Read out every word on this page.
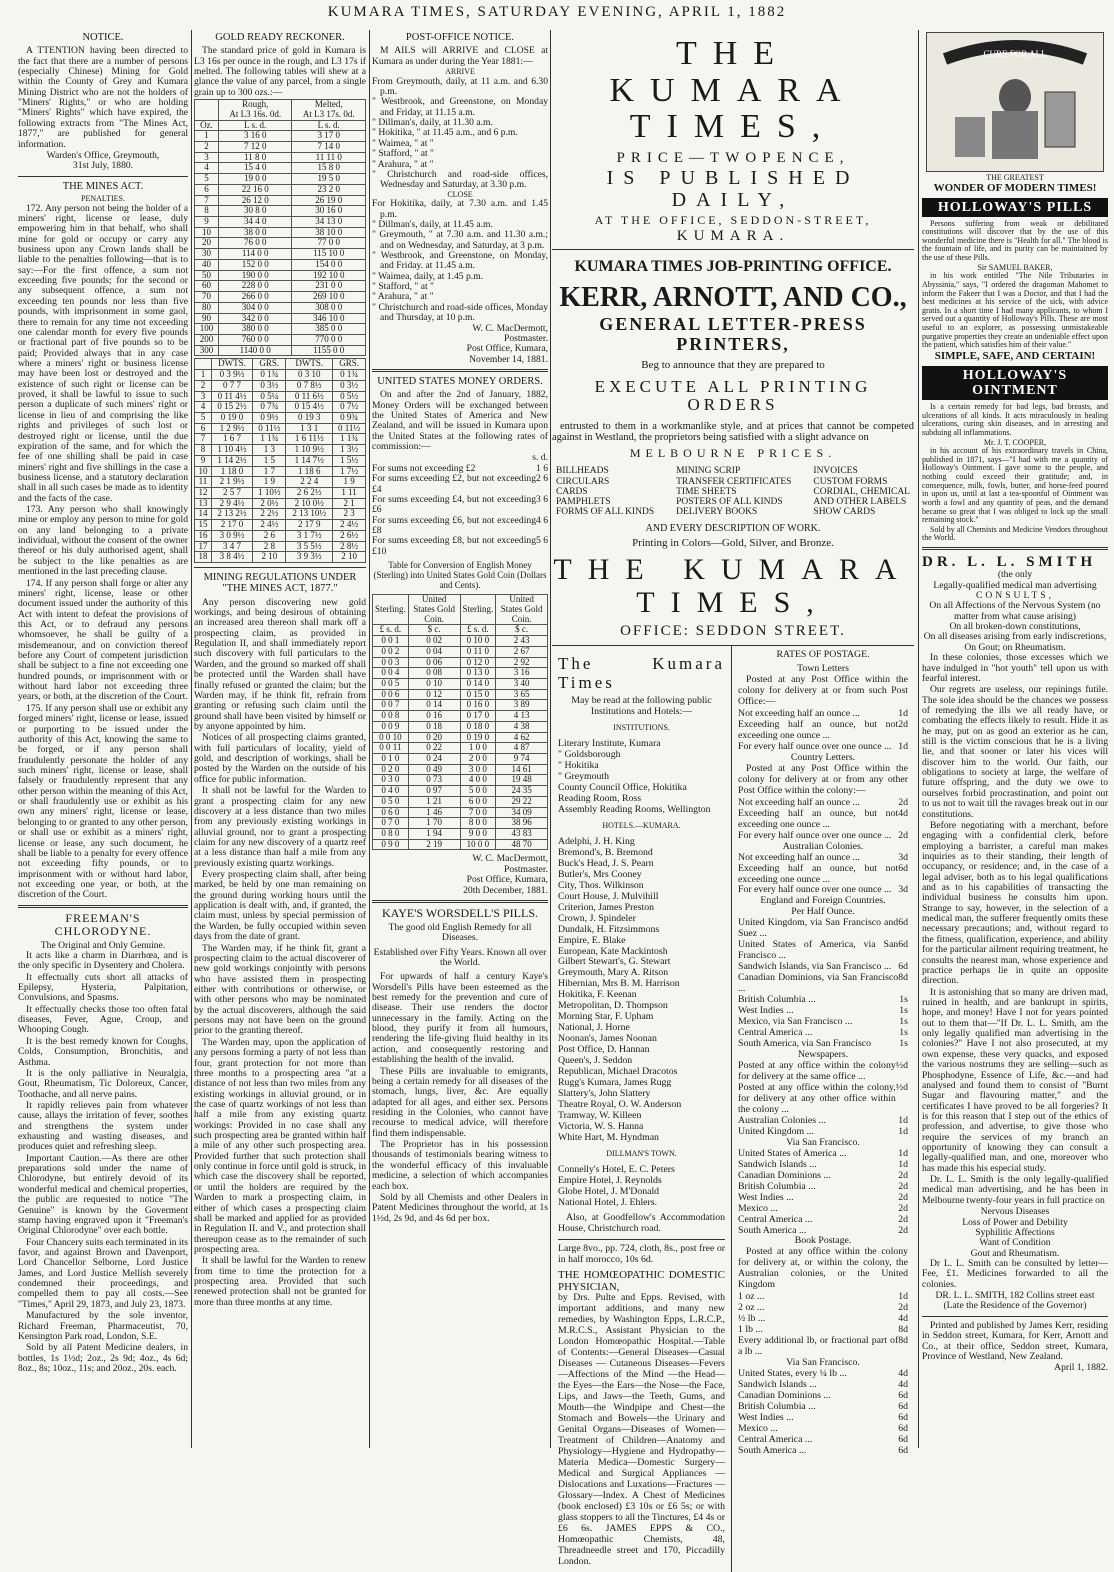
KUMARA TIMES, SATURDAY EVENING, APRIL 1, 1882
NOTICE.

A TTENTION having been directed to the fact that there are a number of persons (especially Chinese) Mining for Gold within the County of Grey and Kumara Mining District who are not the holders of "Miners' Rights," or who are holding "Miners' Rights" which have expired, the following extracts from "The Mines Act, 1877," are published for general information.

Warden's Office, Greymouth,
31st July, 1880.
THE MINES ACT.
PENALTIES.

172. Any person not being the holder of a miners' right, license or lease, duly empowering him in that behalf, who shall mine for gold or occupy or carry any business upon any Crown lands shall be liable to the penalties following—that is to say:—For the first offence, a sum not exceeding five pounds; for the second or any subsequent offence, a sum not exceeding ten pounds nor less than five pounds, with imprisonment in some gaol, there to remain for any time not exceeding one calendar month for every five pounds or fractional part of five pounds so to be paid; Provided always that in any case where a miners' right or business license may have been lost or destroyed and the existence of such right or license can be proved, it shall be lawful to issue to such person a duplicate of such miners' right or license in lieu of and comprising the like rights and privileges of such lost or destroyed right or license, until the due expiration of the same, and for which the fee of one shilling shall be paid in case miners' right and five shillings in the case a business license, and a statutory declaration shall in all such cases be made as to identity and the facts of the case.

173. Any person who shall knowingly mine or employ any person to mine for gold on any land belonging to a private individual, without the consent of the owner thereof or his duly authorised agent, shall be subject to the like penalties as are mentioned in the last preceding clause.

174. If any person shall forge or alter any miners' right, license, lease or other document issued under the authority of this Act with intent to defeat the provisions of this Act, or to defraud any persons whomsoever, he shall be guilty of a misdemeanour, and on conviction thereof before any Court of competent jurisdiction shall be subject to a fine not exceeding one hundred pounds, or imprisonment with or without hard labor not exceeding three years, or both, at the discretion of the Court.

175. If any person shall use or exhibit any forged miners' right, license or lease, issued or purporting to be issued under the authority of this Act, knowing the same to be forged, or if any person shall fraudulently personate the holder of any such miners' right, license or lease, shall falsely or fraudulently represent that any other person within the meaning of this Act, or shall fraudulently use or exhibit as his own any miners' right, license or lease, belonging to or granted to any other person, or shall use or exhibit as a miners' right, license or lease, any such document, he shall be liable to a penalty for every offence not exceeding fifty pounds, or to imprisonment with or without hard labor, not exceeding one year, or both, at the discretion of the Court.

FREEMAN'S CHLORODYNE.
The Original and Only Genuine.

It acts like a charm in Diarrhœa, and is the only specific in Dysentery and Cholera.

It effectually cuts short all attacks of Epilepsy, Hysteria, Palpitation, Convulsions, and Spasms.

It effectually checks those too often fatal diseases, Fever, Ague, Croup, and Whooping Cough.

It is the best remedy known for Coughs, Colds, Consumption, Bronchitis, and Asthma.

It is the only palliative in Neuralgia, Gout, Rheumatism, Tic Doloreux, Cancer, Toothache, and all nerve pains.

It rapidly relieves pain from whatever cause, allays the irritation of fever, soothes and strengthens the system under exhausting and wasting diseases, and produces quiet and refreshing sleep.

Important Caution.—As there are other preparations sold under the name of Chlorodyne, but entirely devoid of its wonderful medical and chemical properties, the public are requested to notice "The Genuine" is known by the Goverment stamp having engraved upon it "Freeman's Original Chlorodyne" over each bottle.

Four Chancery suits each terminated in its favor, and against Brown and Davenport, Lord Chancellor Selborne, Lord Justice James, and Lord Justice Mellish severely condemned their proceedings, and compelled them to pay all costs.—See "Times," April 29, 1873, and July 23, 1873.

Manufactured by the sole inventor, Richard Freeman, Pharmaceutist, 70, Kensington Park road, London, S.E.

Sold by all Patent Medicine dealers, in bottles, 1s 1½d; 2oz., 2s 9d; 4oz., 4s 6d; 8oz., 8s; 10oz., 11s; and 20oz., 20s. each.

GOLD READY RECKONER.

The standard price of gold in Kumara is L3 16s per ounce in the rough, and L3 17s if melted. The following tables will shew at a glance the value of any parcel, from a single grain up to 300 ozs.:—

	Rough,
At L3 16s. 0d.	Melted,
At L3 17s. 0d.
Oz.	L s. d.	L s. d.
1	3 16 0	3 17 0
2	7 12 0	7 14 0
3	11 8 0	11 11 0
4	15 4 0	15 8 0
5	19 0 0	19 5 0
6	22 16 0	23 2 0
7	26 12 0	26 19 0
8	30 8 0	30 16 0
9	34 4 0	34 13 0
10	38 0 0	38 10 0
20	76 0 0	77 0 0
30	114 0 0	115 10 0
40	152 0 0	154 0 0
50	190 0 0	192 10 0
60	228 0 0	231 0 0
70	266 0 0	269 10 0
80	304 0 0	308 0 0
90	342 0 0	346 10 0
100	380 0 0	385 0 0
200	760 0 0	770 0 0
300	1140 0 0	1155 0 0
	DWTS.	GRS.	DWTS.	GRS.
1	0 3 9½	0 1¾	0 3 10	0 1¾
2	0 7 7	0 3½	0 7 8½	0 3½
3	0 11 4½	0 5¼	0 11 6½	0 5½
4	0 15 2½	0 7¾	0 15 4½	0 7½
5	0 19 0	0 9½	0 19 3	0 9¾
6	1 2 9½	0 11½	1 3 1	0 11½
7	1 6 7	1 1¾	1 6 11½	1 1¾
8	1 10 4½	1 3	1 10 9½	1 3½
9	1 14 2½	1 5	1 14 7½	1 5½
10	1 18 0	1 7	1 18 6	1 7½
11	2 1 9½	1 9	2 2 4	1 9
12	2 5 7	1 10½	2 6 2½	1 11
13	2 9 4½	2 0½	2 10 0½	2 1
14	2 13 2½	2 2½	2 13 10½	2 3
15	2 17 0	2 4½	2 17 9	2 4½
16	3 0 9½	2 6	3 1 7½	2 6½
17	3 4 7	2 8	3 5 5½	2 8½
18	3 8 4½	2 10	3 9 3½	2 10
MINING REGULATIONS UNDER "THE MINES ACT, 1877."

Any person discovering new gold workings, and being desirous of obtaining an increased area thereon shall mark off a prospecting claim, as provided in Regulation II, and shall immediately report such discovery with full particulars to the Warden, and the ground so marked off shall be protected until the Warden shall have finally refused or granted the claim; but the Warden may, if he think fit, refrain from granting or refusing such claim until the ground shall have been visited by himself or by anyone appointed by him.

Notices of all prospecting claims granted, with full particulars of locality, yield of gold, and description of workings, shall be posted by the Warden on the outside of his office for public information.

It shall not be lawful for the Warden to grant a prospecting claim for any new discovery at a less distance than two miles from any previously existing workings in alluvial ground, nor to grant a prospecting claim for any new discovery of a quartz reef at a less distance than half a mile from any previously existing quartz workings.

Every prospecting claim shall, after being marked, be held by one man remaining on the ground during working hours until the application is dealt with, and, if granted, the claim must, unless by special permission of the Warden, be fully occupied within seven days from the date of grant.

The Warden may, if he think fit, grant a prospecting claim to the actual discoverer of new gold workings conjointly with persons who have assisted them in prospecting either with contributions or otherwise, or with other persons who may be nominated by the actual discoverers, although the said persons may not have been on the ground prior to the granting thereof.

The Warden may, upon the application of any persons forming a party of not less than four, grant protection for not more than three months to a prospecting area "at a distance of not less than two miles from any existing workings in alluvial ground, or in the case of quartz workings of not less than half a mile from any existing quartz workings: Provided in no case shall any such prospecting area be granted within half a mile of any other such prospecting area. Provided further that such protection shall only continue in force until gold is struck, in which case the discovery shall be reported, or until the holders are required by the Warden to mark a prospecting claim, in either of which cases a prospecting claim shall be marked and applied for as provided in Regulation II. and V., and protection shall thereupon cease as to the remainder of such prospecting area.

It shall be lawful for the Warden to renew from time to time the protection for a prospecting area. Provided that such renewed protection shall not be granted for more than three months at any time.

POST-OFFICE NOTICE.

M AILS will ARRIVE and CLOSE at Kumara as under during the Year 1881:—

ARRIVE
From Greymouth, daily, at 11 a.m. and 6.30 p.m.
" Westbrook, and Greenstone, on Monday and Friday, at 11.15 a.m.
" Dillman's, daily, at 11.30 a.m.
" Hokitika, " at 11.45 a.m., and 6 p.m.
" Waimea, " at "
" Stafford, " at "
" Arahura, " at "
" Christchurch and road-side offices, Wednesday and Saturday, at 3.30 p.m.
CLOSE
For Hokitika, daily, at 7.30 a.m. and 1.45 p.m.
" Dillman's, daily, at 11.45 a.m.
" Greymouth, " at 7.30 a.m. and 11.30 a.m.; and on Wednesday, and Saturday, at 3 p.m.
" Westbrook, and Greenstone, on Monday, and Friday. at 11.45 a.m.
" Waimea, daily, at 1.45 p.m.
" Stafford, " at "
" Arahura, " at "
" Christchurch and road-side offices, Monday and Thursday, at 10 p.m.
W. C. MacDermott,
Postmaster.
Post Office, Kumara,
November 14, 1881.
UNITED STATES MONEY ORDERS.

On and after the 2nd of January, 1882, Money Orders will be exchanged between the United States of America and New Zealand, and will be issued in Kumara upon the United States at the following rates of commission:—

s. d.
For sums not exceeding £2	1 6
For sums exceeding £2, but not exceeding £4
2 6
For sums exceeding £4, but not exceeding £6
3 6
For sums exceeding £6, but not exceeding £8
4 6
For sums exceeding £8, but not exceeding £10
5 6
Table for Conversion of English Money (Sterling) into United States Gold Coin (Dollars and Cents).
Sterling.	United States Gold Coin.	Sterling.	United States Gold Coin.
£ s. d.	$ c.	£ s. d.	$ c.
0 0 1	0 02	0 10 0	2 43
0 0 2	0 04	0 11 0	2 67
0 0 3	0 06	0 12 0	2 92
0 0 4	0 08	0 13 0	3 16
0 0 5	0 10	0 14 0	3 40
0 0 6	0 12	0 15 0	3 65
0 0 7	0 14	0 16 0	3 89
0 0 8	0 16	0 17 0	4 13
0 0 9	0 18	0 18 0	4 38
0 0 10	0 20	0 19 0	4 62
0 0 11	0 22	1 0 0	4 87
0 1 0	0 24	2 0 0	9 74
0 2 0	0 49	3 0 0	14 61
0 3 0	0 73	4 0 0	19 48
0 4 0	0 97	5 0 0	24 35
0 5 0	1 21	6 0 0	29 22
0 6 0	1 46	7 0 0	34 09
0 7 0	1 70	8 0 0	38 96
0 8 0	1 94	9 0 0	43 83
0 9 0	2 19	10 0 0	48 70
W. C. MacDermott,
Postmaster.
Post Office, Kumara,
20th December, 1881.
KAYE'S WORSDELL'S PILLS.
The good old English Remedy for all Diseases.
Established over Fifty Years. Known all over the World.

For upwards of half a century Kaye's Worsdell's Pills have been esteemed as the best remedy for the prevention and cure of disease. Their use renders the doctor unnecessary in the family. Acting on the blood, they purify it from all humours, rendering the life-giving fluid healthy in its action, and consequently restoring and establishing the health of the invalid.

These Pills are invaluable to emigrants, being a certain remedy for all diseases of the stomach, lungs, liver, &c. Are equally adapted for all ages, and either sex. Persons residing in the Colonies, who cannot have recourse to medical advice, will therefore find them indispensable.

The Proprietor has in his possession thousands of testimonials bearing witness to the wonderful efficacy of this invaluable medicine, a selection of which accompanies each box.

Sold by all Chemists and other Dealers in Patent Medicines throughout the world, at 1s 1½d, 2s 9d, and 4s 6d per box.

THE KUMARA TIMES,
PRICE—TWOPENCE,
IS PUBLISHED DAILY,
AT THE OFFICE, SEDDON-STREET,
KUMARA.
KUMARA TIMES JOB-PRINTING OFFICE.
KERR, ARNOTT, AND CO.,
GENERAL LETTER-PRESS PRINTERS,
Beg to announce that they are prepared to
EXECUTE ALL PRINTING ORDERS

entrusted to them in a workmanlike style, and at prices that cannot be competed against in Westland, the proprietors being satisfied with a slight advance on

MELBOURNE PRICES.
BILLHEADS
CIRCULARS
CARDS
PAMPHLETS
FORMS OF ALL KINDS
MINING SCRIP
TRANSFER CERTIFICATES
TIME SHEETS
POSTERS OF ALL KINDS
DELIVERY BOOKS
INVOICES
CUSTOM FORMS
CORDIAL, CHEMICAL
AND OTHER LABELS
SHOW CARDS
AND EVERY DESCRIPTION OF WORK.
Printing in Colors—Gold, Silver, and Bronze.
THE KUMARA TIMES,
OFFICE: SEDDON STREET.
The Kumara Times
May be read at the following public Institutions and Hotels:—
INSTITUTIONS.
Literary Institute, Kumara
" Goldsborough
" Hokitika
" Greymouth
County Council Office, Hokitika
Reading Room, Ross
Assembly Reading Rooms, Wellington
HOTELS.—KUMARA.
Adelphi, J. H. King
Bremond's, B. Bremond
Buck's Head, J. S. Pearn
Butler's, Mrs Cooney
City, Thos. Wilkinson
Court House, J. Mulvihill
Criterion, James Preston
Crown, J. Spindeler
Dundalk, H. Fitzsimmons
Empire, E. Blake
European, Kate Mackintosh
Gilbert Stewart's, G. Stewart
Greymouth, Mary A. Ritson
Hibernian, Mrs B. M. Harrison
Hokitika, F. Keenan
Metropolitan, D. Thompson
Morning Star, F. Upham
National, J. Horne
Noonan's, James Noonan
Post Office, D. Hannan
Queen's, J. Seddon
Republican, Michael Dracotos
Rugg's Kumara, James Rugg
Slattery's, John Slattery
Theatre Royal, O. W. Anderson
Tramway, W. Killeen
Victoria, W. S. Hanna
White Hart, M. Hyndman
DILLMAN'S TOWN.
Connelly's Hotel, E. C. Peters
Empire Hotel, J. Reynolds
Globe Hotel, J. M'Donald
National Hotel, J. Ehlers.

Also, at Goodfellow's Accommodation House, Christchurch road.

Large 8vo., pp. 724, cloth, 8s., post free or in half morocco, 10s 6d.
THE HOMŒOPATHIC DOMESTIC PHYSICIAN,
by Drs. Pulte and Epps. Revised, with important additions, and many new remedies, by Washington Epps, L.R.C.P., M.R.C.S., Assistant Physician to the London Homœopathic Hospital.—Table of Contents:—General Diseases—Casual Diseases — Cutaneous Diseases—Fevers—Affections of the Mind —the Head—the Eyes—the Ears—the Nose—the Face, Lips, and Jaws—the Teeth, Gums, and Mouth—the Windpipe and Chest—the Stomach and Bowels—the Urinary and Genital Organs—Diseases of Women—Treatment of Children—Anatomy and Physiology—Hygiene and Hydropathy—Materia Medica—Domestic Surgery—Medical and Surgical Appliances —Dislocations and Luxations—Fractures —Glossary—Index. A Chest of Medicines (book enclosed) £3 10s or £6 5s; or with glass stoppers to all the Tinctures, £4 4s or £6 6s. JAMES EPPS & CO., Homœopathic Chemists, 48, Threadneedle street and 170, Piccadilly London.
RATES OF POSTAGE.
Town Letters

Posted at any Post Office within the colony for delivery at or from such Post Office:—

Not exceeding half an ounce ...	1d
Exceeding half an ounce, but not exceeding one ounce ...
2d
For every half ounce over one ounce ... 1d
Country Letters.

Posted at any Post Office within the colony for delivery at or from any other Post Office within the colony:—

Not exceeding half an ounce ...	2d
Exceeding half an ounce, but not exceeding one ounce ...
4d
For every half ounce over one ounce ... 2d
Australian Colonies.
Not exceeding half an ounce ...	3d
Exceeding half an ounce, but not exceeding one ounce ...
6d
For every half ounce over one ounce ... 3d
England and Foreign Countries.
Per Half Ounce.
United Kingdom, via San Francisco and Suez ...
6d
United States of America, via San Francisco ...
6d
Sandwich Islands, via San Francisco ... 6d
Canadian Dominions, via San Francisco ...
8d
British Columbia ...	1s
West Indies ...	1s
Mexico, via San Francisco ...	1s
Central America ...	1s
South America, via San Francisco	1s
Newspapers.
Posted at any office within the colony for delivery at the same office ...
½d
Posted at any office within the colony, for delivery at any other office within the colony ...
½d
Australian Colonies ...	1d
United Kingdom ...	1d
Via San Francisco.
United States of America ...	1d
Sandwich Islands ...	1d
Canadian Dominions ...	2d
British Columbia ...	2d
West Indies ...	2d
Mexico ...	2d
Central America ...	2d
South America ...	2d
Book Postage.

Posted at any office within the colony for delivery at, or within the colony, the Australian colonies, or the United Kingdom

1 oz ...	1d
2 oz ...	2d
½ lb ...	4d
1 lb ...	8d
Every additional lb, or fractional part of a lb ...
8d
Via San Francisco.
United States, every ¼ lb ...	4d
Sandwich Islands ...	4d
Canadian Dominions ...	6d
British Columbia ...	6d
West Indies ...	6d
Mexico ...	6d
Central America ...	6d
South America ...	6d
CURE FOR ALL
THE GREATEST
WONDER OF MODERN TIMES!
HOLLOWAY'S PILLS

Persons suffering from weak or debilitated constitutions will discover that by the use of this wonderful medicine there is "Health for all." The blood is the fountain of life, and its purity can be maintained by the use of these Pills.

Sir SAMUEL BAKER,

in his work entitled "The Nile Tributaries in Abyssinia," says, "I ordered the dragoman Mahomet to inform the Fakeer that I was a Doctor, and that I had the best medicines at his service of the sick, with advice gratis. In a short time I had many applicants, to whom I served out a quantity of Holloway's Pills. These are most useful to an explorer, as possessing unmistakeable purgative properties they create an undeniable effect upon the patient, which satisfies him of their value."

SIMPLE, SAFE, AND CERTAIN!
HOLLOWAY'S OINTMENT

Is a certain remedy for bad legs, bad breasts, and ulcerations of all kinds. It acts miraculously in healing ulcerations, curing skin diseases, and in arresting and subduing all inflammations.

Mr. J. T. COOPER,

in his account of his extraordinary travels in China, published in 1871, says—"I had with me a quantity of Holloway's Ointment. I gave some to the people, and nothing could exceed their gratitude; and, in consequence, milk, fowls, butter, and horse-feed poured in upon us, until at last a tea-spoonful of Ointment was worth a fowl and any quantity of peas, and the demand became so great that I was obliged to lock up the small remaining stock."

Sold by all Chemists and Medicine Vendors throughout the World.

DR. L. L. SMITH
(the only
Legally-qualified medical man advertising
CONSULTS,
On all Affections of the Nervous System (no matter from what cause arising)
On all broken-down constitutions,
On all diseases arising from early indiscretions,
On Gout; on Rheumatism.

In these colonies, those excesses which we have indulged in "hot youth" tell upon us with fearful interest.

Our regrets are useless, our repinings futile. The sole idea should be the chances we possess of remedying the ills we all ready have, or combating the effects likely to result. Hide it as he may, put on as good an exterior as he can, still is the victim conscious that he is a living lie, and that sooner or later his vices will discover him to the world. Our faith, our obligations to society at large, the welfare of future offspring, and the duty we owe to ourselves forbid procrastination, and point out to us not to wait till the ravages break out in our constitutions.

Before negotiating with a merchant, before engaging with a confidential clerk, before employing a barrister, a careful man makes inquiries as to their standing, their length of occupancy, or residence; and, in the case of a legal adviser, both as to his legal qualifications and as to his capabilities of transacting the individual business he consults him upon. Strange to say, however, in the selection of a medical man, the sufferer frequently omits these necessary precautions; and, without regard to the fitness, qualification, experience, and ability for the particular ailment requiring treatment, he consults the nearest man, whose experience and practice perhaps lie in quite an opposite direction.

It is astonishing that so many are driven mad, ruined in health, and are bankrupt in spirits, hope, and money! Have I not for years pointed out to them that—"If Dr. L. L. Smith, am the only legally qualified man advertising in the colonies?" Have I not also prosecuted, at my own expense, these very quacks, and exposed the various nostrums they are selling—such as Phosphodyne, Essence of Life, &c.—and had analysed and found them to consist of "Burnt Sugar and flavouring matter," and the certificates I have proved to be all forgeries? It is for this reason that I step out of the ethics of profession, and advertise, to give those who require the services of my branch an opportunity of knowing they can consult a legally-qualified man, and one, moreover who has made this his especial study.

Dr. L. L. Smith is the only legally-qualified medical man advertising, and he has been in Melbourne twenty-four years in full practice on

Nervous Diseases
Loss of Power and Debility
Syphilitic Affections
Want of Condition
Gout and Rheumatism.

Dr L. L. Smith can be consulted by letter—Fee, £1. Medicines forwarded to all the colonies.

DR. L. L. SMITH, 182 Collins street east
(Late the Residence of the Governor)

Printed and published by James Kerr, residing in Seddon street, Kumara, for Kerr, Arnott and Co., at their office, Seddon street, Kumara, Province of Westland, New Zealand.

April 1, 1882.
